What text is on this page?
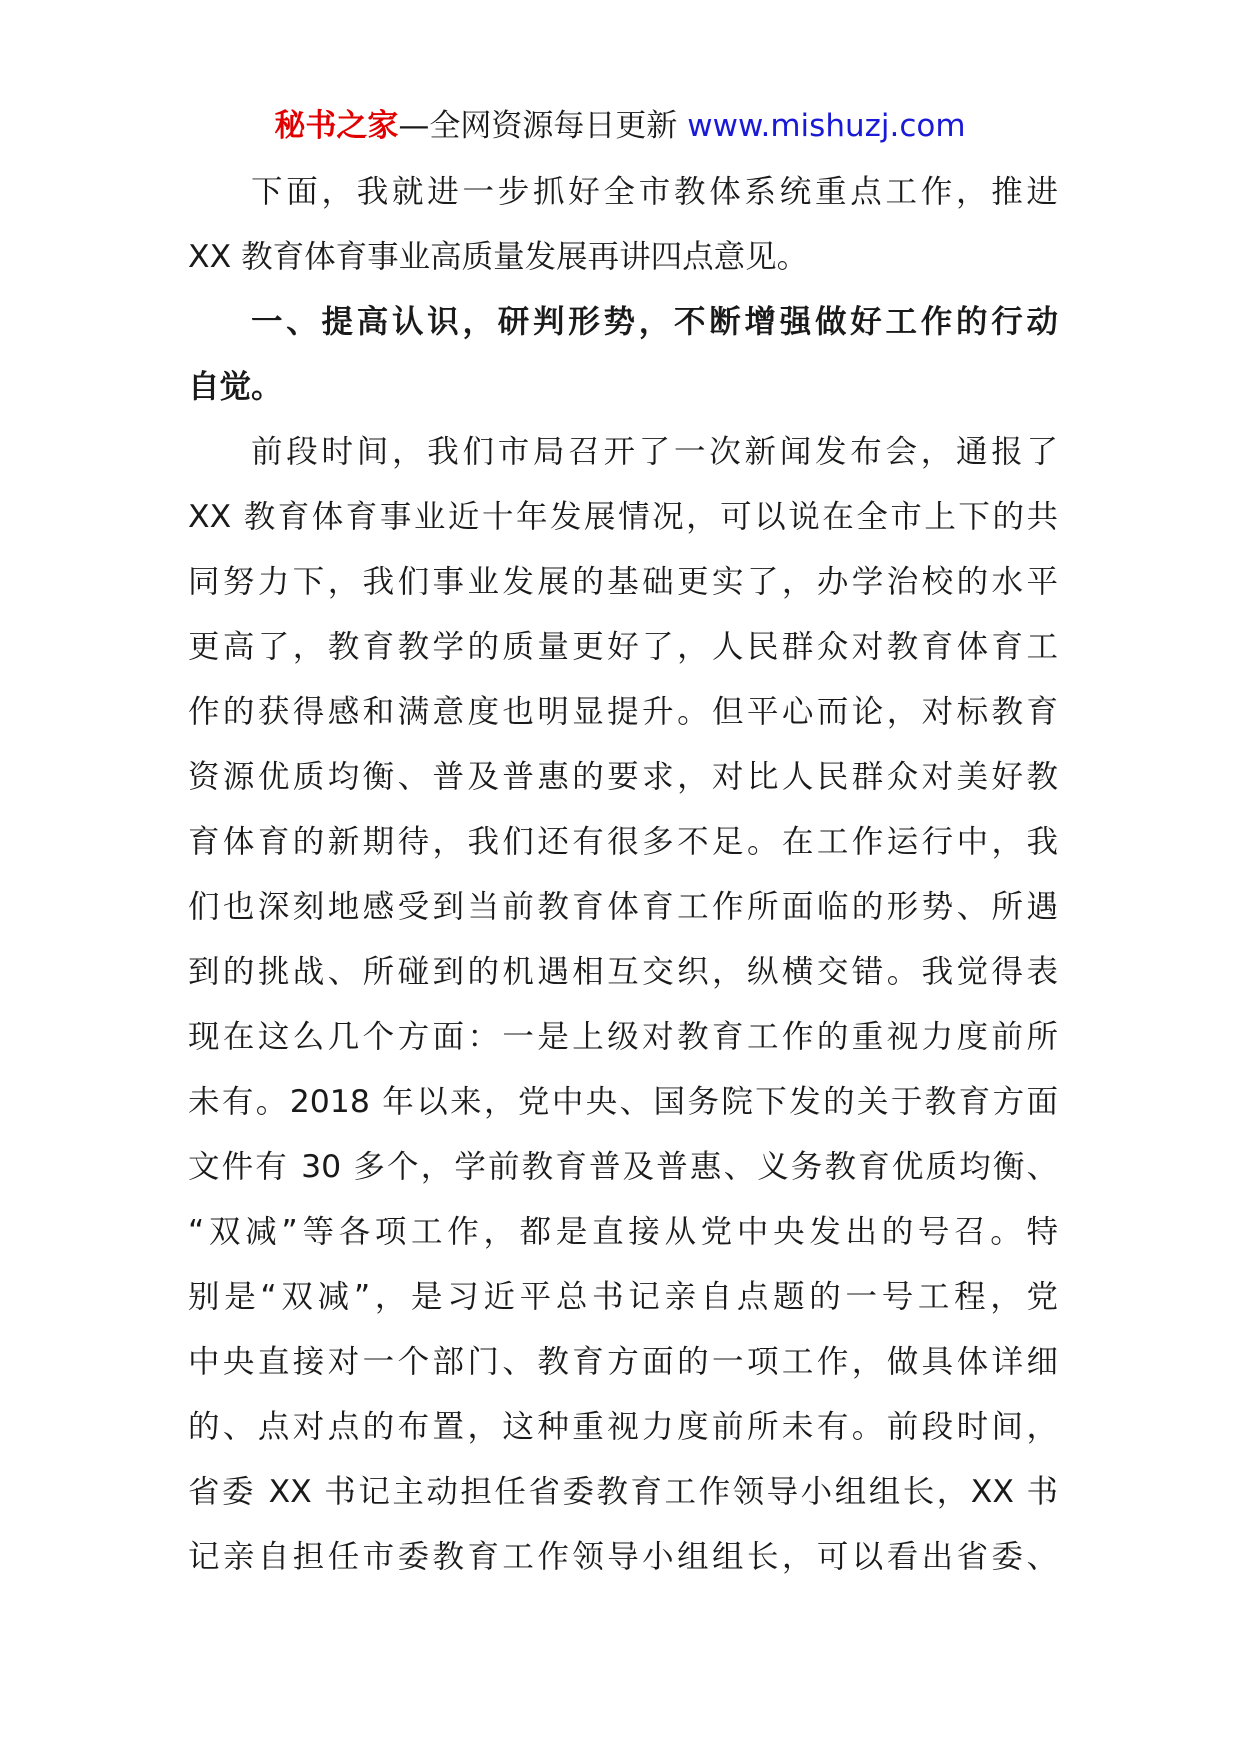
秘书之家—全网资源每日更新 www.mishuzj.com
下面，我就进一步抓好全市教体系统重点工作，推进
XX 教育体育事业高质量发展再讲四点意见。
一、提高认识，研判形势，不断增强做好工作的行动
自觉。
前段时间，我们市局召开了一次新闻发布会，通报了
XX 教育体育事业近十年发展情况，可以说在全市上下的共
同努力下，我们事业发展的基础更实了，办学治校的水平
更高了，教育教学的质量更好了，人民群众对教育体育工
作的获得感和满意度也明显提升。但平心而论，对标教育
资源优质均衡、普及普惠的要求，对比人民群众对美好教
育体育的新期待，我们还有很多不足。在工作运行中，我
们也深刻地感受到当前教育体育工作所面临的形势、所遇
到的挑战、所碰到的机遇相互交织，纵横交错。我觉得表
现在这么几个方面：一是上级对教育工作的重视力度前所
未有。2018 年以来，党中央、国务院下发的关于教育方面
文件有 30 多个，学前教育普及普惠、义务教育优质均衡、
“双减”等各项工作，都是直接从党中央发出的号召。特
别是“双减”，是习近平总书记亲自点题的一号工程，党
中央直接对一个部门、教育方面的一项工作，做具体详细
的、点对点的布置，这种重视力度前所未有。前段时间，
省委 XX 书记主动担任省委教育工作领导小组组长，XX 书
记亲自担任市委教育工作领导小组组长，可以看出省委、
